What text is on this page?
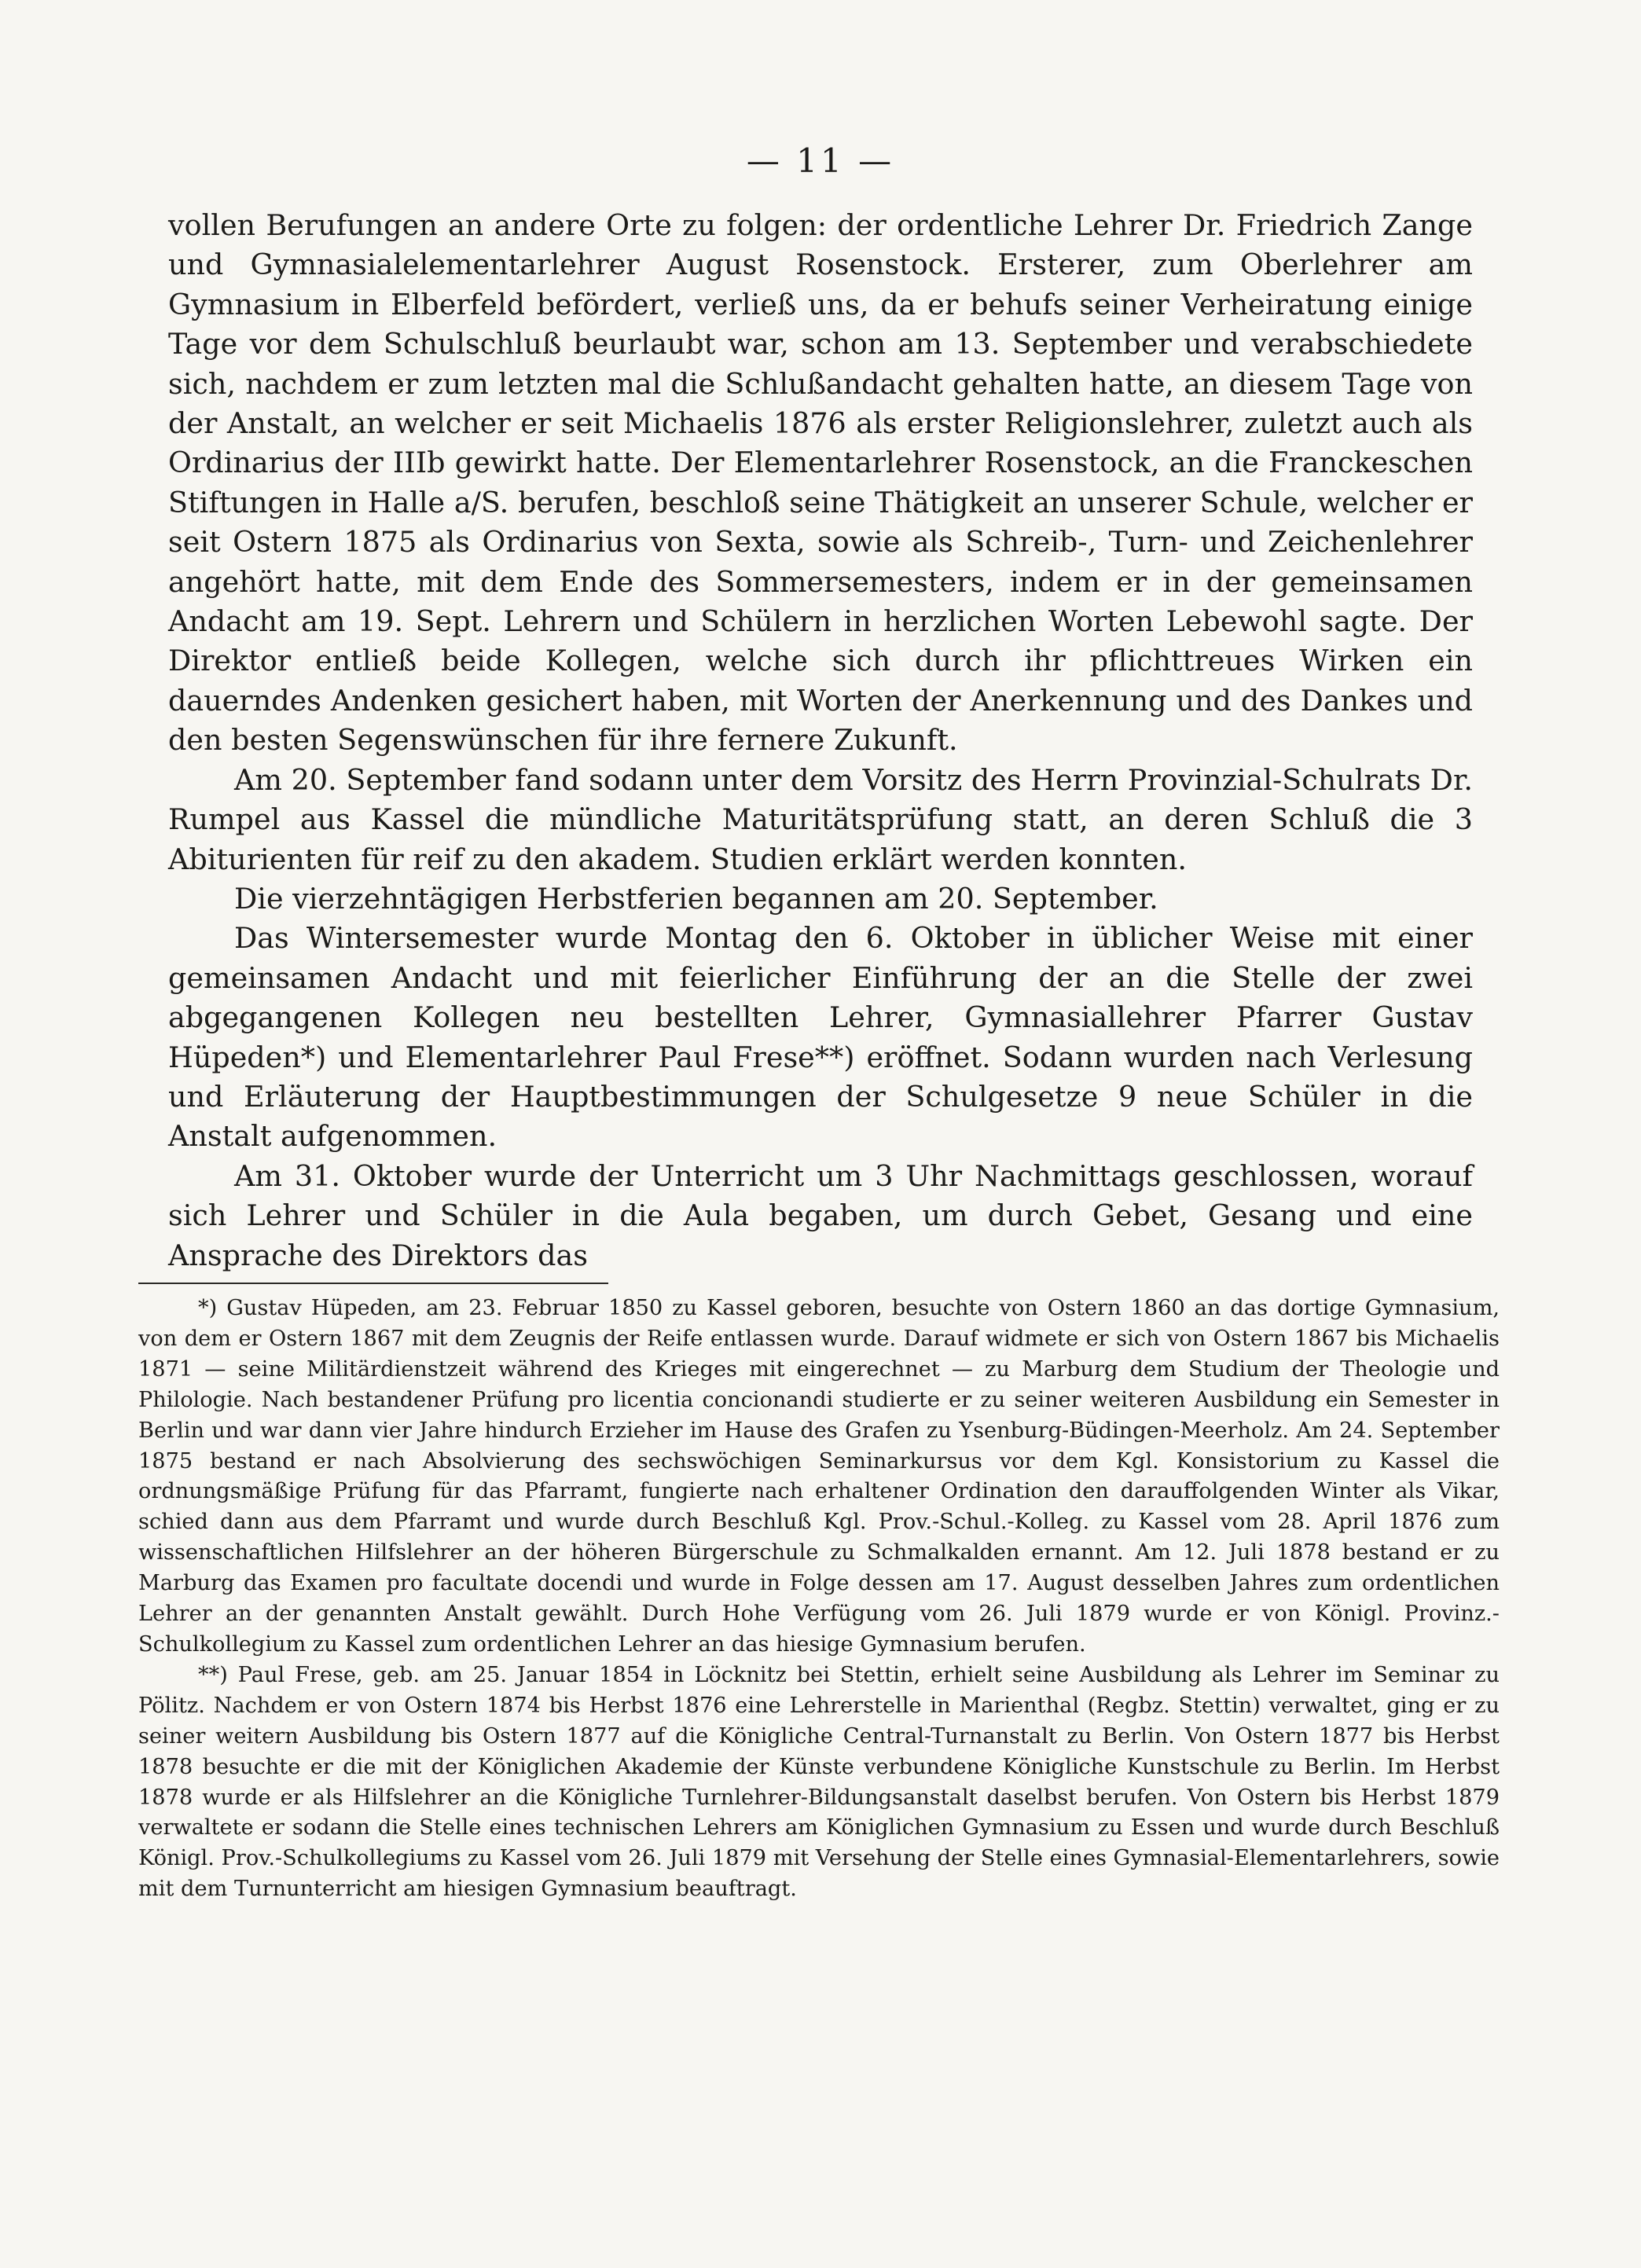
— 11 —

vollen Berufungen an andere Orte zu folgen: der ordentliche Lehrer Dr. Friedrich Zange und Gymnasialelementarlehrer August Rosenstock. Ersterer, zum Oberlehrer am Gymnasium in Elberfeld befördert, verließ uns, da er behufs seiner Verheiratung einige Tage vor dem Schulschluß beurlaubt war, schon am 13. September und verabschiedete sich, nachdem er zum letzten mal die Schlußandacht gehalten hatte, an diesem Tage von der Anstalt, an welcher er seit Michaelis 1876 als erster Religionslehrer, zuletzt auch als Ordinarius der IIIb gewirkt hatte. Der Elementarlehrer Rosenstock, an die Franckeschen Stiftungen in Halle a/S. berufen, beschloß seine Thätigkeit an unserer Schule, welcher er seit Ostern 1875 als Ordinarius von Sexta, sowie als Schreib-, Turn- und Zeichenlehrer angehört hatte, mit dem Ende des Sommersemesters, indem er in der gemeinsamen Andacht am 19. Sept. Lehrern und Schülern in herzlichen Worten Lebewohl sagte. Der Direktor entließ beide Kollegen, welche sich durch ihr pflichttreues Wirken ein dauerndes Andenken gesichert haben, mit Worten der Anerkennung und des Dankes und den besten Segenswünschen für ihre fernere Zukunft.

Am 20. September fand sodann unter dem Vorsitz des Herrn Provinzial-Schulrats Dr. Rumpel aus Kassel die mündliche Maturitätsprüfung statt, an deren Schluß die 3 Abiturienten für reif zu den akadem. Studien erklärt werden konnten.

Die vierzehntägigen Herbstferien begannen am 20. September.

Das Wintersemester wurde Montag den 6. Oktober in üblicher Weise mit einer gemeinsamen Andacht und mit feierlicher Einführung der an die Stelle der zwei abgegangenen Kollegen neu bestellten Lehrer, Gymnasiallehrer Pfarrer Gustav Hüpeden*) und Elementarlehrer Paul Frese**) eröffnet. Sodann wurden nach Verlesung und Erläuterung der Hauptbestimmungen der Schulgesetze 9 neue Schüler in die Anstalt aufgenommen.

Am 31. Oktober wurde der Unterricht um 3 Uhr Nachmittags geschlossen, worauf sich Lehrer und Schüler in die Aula begaben, um durch Gebet, Gesang und eine Ansprache des Direktors das

*) Gustav Hüpeden, am 23. Februar 1850 zu Kassel geboren, besuchte von Ostern 1860 an das dortige Gymnasium, von dem er Ostern 1867 mit dem Zeugnis der Reife entlassen wurde. Darauf widmete er sich von Ostern 1867 bis Michaelis 1871 — seine Militärdienstzeit während des Krieges mit eingerechnet — zu Marburg dem Studium der Theologie und Philologie. Nach bestandener Prüfung pro licentia concionandi studierte er zu seiner weiteren Ausbildung ein Semester in Berlin und war dann vier Jahre hindurch Erzieher im Hause des Grafen zu Ysenburg-Büdingen-Meerholz. Am 24. September 1875 bestand er nach Absolvierung des sechswöchigen Seminarkursus vor dem Kgl. Konsistorium zu Kassel die ordnungsmäßige Prüfung für das Pfarramt, fungierte nach erhaltener Ordination den darauffolgenden Winter als Vikar, schied dann aus dem Pfarramt und wurde durch Beschluß Kgl. Prov.-Schul.-Kolleg. zu Kassel vom 28. April 1876 zum wissenschaftlichen Hilfslehrer an der höheren Bürgerschule zu Schmalkalden ernannt. Am 12. Juli 1878 bestand er zu Marburg das Examen pro facultate docendi und wurde in Folge dessen am 17. August desselben Jahres zum ordentlichen Lehrer an der genannten Anstalt gewählt. Durch Hohe Verfügung vom 26. Juli 1879 wurde er von Königl. Provinz.-Schulkollegium zu Kassel zum ordentlichen Lehrer an das hiesige Gymnasium berufen.

**) Paul Frese, geb. am 25. Januar 1854 in Löcknitz bei Stettin, erhielt seine Ausbildung als Lehrer im Seminar zu Pölitz. Nachdem er von Ostern 1874 bis Herbst 1876 eine Lehrerstelle in Marienthal (Regbz. Stettin) verwaltet, ging er zu seiner weitern Ausbildung bis Ostern 1877 auf die Königliche Central-Turnanstalt zu Berlin. Von Ostern 1877 bis Herbst 1878 besuchte er die mit der Königlichen Akademie der Künste verbundene Königliche Kunstschule zu Berlin. Im Herbst 1878 wurde er als Hilfslehrer an die Königliche Turnlehrer-Bildungsanstalt daselbst berufen. Von Ostern bis Herbst 1879 verwaltete er sodann die Stelle eines technischen Lehrers am Königlichen Gymnasium zu Essen und wurde durch Beschluß Königl. Prov.-Schulkollegiums zu Kassel vom 26. Juli 1879 mit Versehung der Stelle eines Gymnasial-Elementarlehrers, sowie mit dem Turnunterricht am hiesigen Gymnasium beauftragt.
